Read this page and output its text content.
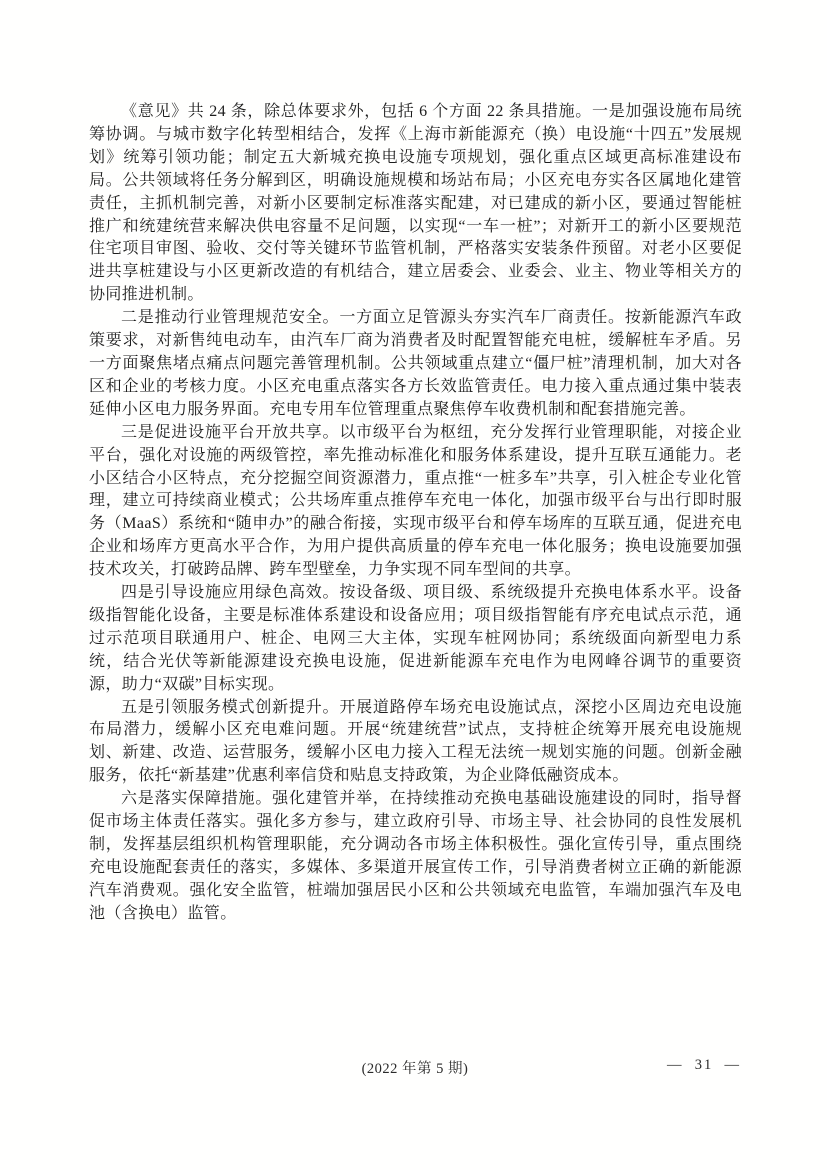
《意见》共 24 条，除总体要求外，包括 6 个方面 22 条具措施。一是加强设施布局统筹协调。与城市数字化转型相结合，发挥《上海市新能源充（换）电设施“十四五”发展规划》统筹引领功能；制定五大新城充换电设施专项规划，强化重点区域更高标准建设布局。公共领域将任务分解到区，明确设施规模和场站布局；小区充电夯实各区属地化建管责任，主抓机制完善，对新小区要制定标准落实配建，对已建成的新小区，要通过智能桩推广和统建统营来解决供电容量不足问题，以实现“一车一桩”；对新开工的新小区要规范住宅项目审图、验收、交付等关键环节监管机制，严格落实安装条件预留。对老小区要促进共享桩建设与小区更新改造的有机结合，建立居委会、业委会、业主、物业等相关方的协同推进机制。

二是推动行业管理规范安全。一方面立足管源头夯实汽车厂商责任。按新能源汽车政策要求，对新售纯电动车，由汽车厂商为消费者及时配置智能充电桩，缓解桩车矛盾。另一方面聚焦堵点痛点问题完善管理机制。公共领域重点建立“僵尸桩”清理机制，加大对各区和企业的考核力度。小区充电重点落实各方长效监管责任。电力接入重点通过集中装表延伸小区电力服务界面。充电专用车位管理重点聚焦停车收费机制和配套措施完善。

三是促进设施平台开放共享。以市级平台为枢纽，充分发挥行业管理职能，对接企业平台，强化对设施的两级管控，率先推动标准化和服务体系建设，提升互联互通能力。老小区结合小区特点，充分挖掘空间资源潜力，重点推“一桩多车”共享，引入桩企专业化管理，建立可持续商业模式；公共场库重点推停车充电一体化，加强市级平台与出行即时服务（MaaS）系统和“随申办”的融合衔接，实现市级平台和停车场库的互联互通，促进充电企业和场库方更高水平合作，为用户提供高质量的停车充电一体化服务；换电设施要加强技术攻关，打破跨品牌、跨车型壁垒，力争实现不同车型间的共享。

四是引导设施应用绿色高效。按设备级、项目级、系统级提升充换电体系水平。设备级指智能化设备，主要是标准体系建设和设备应用；项目级指智能有序充电试点示范，通过示范项目联通用户、桩企、电网三大主体，实现车桩网协同；系统级面向新型电力系统，结合光伏等新能源建设充换电设施，促进新能源车充电作为电网峰谷调节的重要资源，助力“双碳”目标实现。

五是引领服务模式创新提升。开展道路停车场充电设施试点，深挖小区周边充电设施布局潜力，缓解小区充电难问题。开展“统建统营”试点，支持桩企统筹开展充电设施规划、新建、改造、运营服务，缓解小区电力接入工程无法统一规划实施的问题。创新金融服务，依托“新基建”优惠利率信贷和贴息支持政策，为企业降低融资成本。

六是落实保障措施。强化建管并举，在持续推动充换电基础设施建设的同时，指导督促市场主体责任落实。强化多方参与，建立政府引导、市场主导、社会协同的良性发展机制，发挥基层组织机构管理职能，充分调动各市场主体积极性。强化宣传引导，重点围绕充电设施配套责任的落实，多媒体、多渠道开展宣传工作，引导消费者树立正确的新能源汽车消费观。强化安全监管，桩端加强居民小区和公共领域充电监管，车端加强汽车及电池（含换电）监管。

(2022 年第 5 期)	—  31  —
